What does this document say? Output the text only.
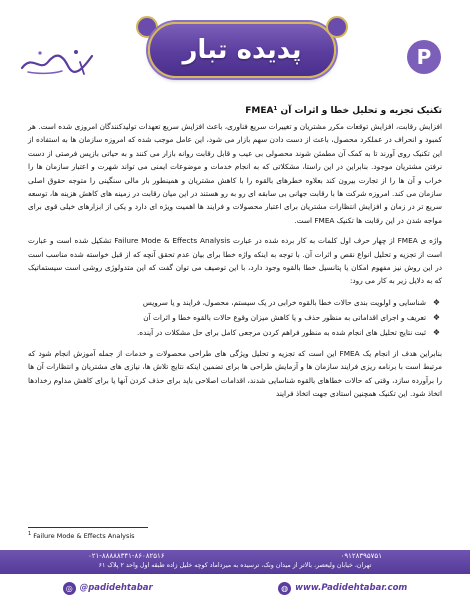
پدیده تبار	P
تکنیک تجزیه و تحلیل خطا و اثرات آن FMEA¹

افزایش رقابت، افزایش توقعات مکرر مشتریان و تغییرات سریع فناوری، باعث افزایش سریع تعهدات تولیدکنندگان امروزی شده است. هر کمبود و انحراف در عملکرد محصول، باعث از دست دادن سهم بازار می شود، این عامل موجب شده که امروزه سازمان ها به استفاده از این تکنیک روی آورند تا به کمک آن مطمئن شوند محصولی بی عیب و قابل رقابت روانه بازار می کنند و به حیاتی بازپس فرصتی از دست نرفتن مشتریان موجود. بنابراین در این راستا، مشکلاتی که به انجام خدمات و موضوعات ایمنی می تواند شهرت و اعتبار سازمان ها را خراب و آن ها را از تجارت بیرون کند بعلاوه خطرهای بالقوه را با کاهش مشتریان و همینطور بار مالی سنگینی را متوجه حقوق اصلی سازمان می کند. امروزه شرکت ها با رقابت جهانی بی سابقه ای رو به رو هستند در این میان رقابت در زمینه های کاهش هزینه ها، توسعه سریع تر در زمان و افزایش انتظارات مشتریان برای اعتبار محصولات و فرایند ها اهمیت ویژه ای دارد و یکی از ابزارهای خیلی قوی برای مواجه شدن در این رقابت ها تکنیک FMEA است.

واژه ی FMEA از چهار حرف اول کلمات به کار برده شده در عبارت Failure Mode & Effects Analysis تشکیل شده است و عبارت است از تجزیه و تحلیل انواع نقص و اثرات آن. با توجه به اینکه واژه خطا برای بیان عدم تحقق آنچه که از قبل خواسته شده مناسب است در این روش نیز مفهوم امکان یا پتانسیل خطا بالقوه وجود دارد، با این توصیف می توان گفت که این متدولوژی روشی است سیستماتیک که به دلایل زیر به کار می رود:

❖ شناسایی و اولویت بندی حالات خطا بالقوه خرابی در یک سیستم، محصول، فرایند و یا سرویس
❖ تعریف و اجرای اقداماتی به منظور حذف و یا کاهش میزان وقوع حالات بالقوه خطا و اثرات آن
❖ ثبت نتایج تحلیل های انجام شده به منظور فراهم کردن مرجعی کامل برای حل مشکلات در آینده.

بنابراین هدف از انجام یک FMEA این است که تجزیه و تحلیل ویژگی های طراحی محصولات و خدمات از جمله آموزش انجام شود که مرتبط است با برنامه ریزی فرایند سازمان ها و آزمایش طراحی ها برای تضمین اینکه نتایج تلاش ها، نیازی های مشتریان و انتظارات آن ها را برآورده سازد، وقتی که حالات خطاهای بالقوه شناسایی شدند، اقدامات اصلاحی باید برای حذف کردن آنها یا برای کاهش مداوم رخدادها اتخاذ شود. این تکنیک همچنین استادی جهت اتخاذ فرایند

$^1$ Failure Mode & Effects Analysis
۰۲۱-۸۸۸۸۸۳۴۱-۸۶۰۸۲۵۱۶	۰۹۱۲۸۳۹۵۷۵۱
تهران، خیابان ولیعصر، بالاتر از میدان ونک، ترسیده به میرداماد کوچه خلیل زاده طبقه اول واحد ۲ پلاک ۶۱
◎ @padidehtabar	◍ www.Padidehtabar.com
